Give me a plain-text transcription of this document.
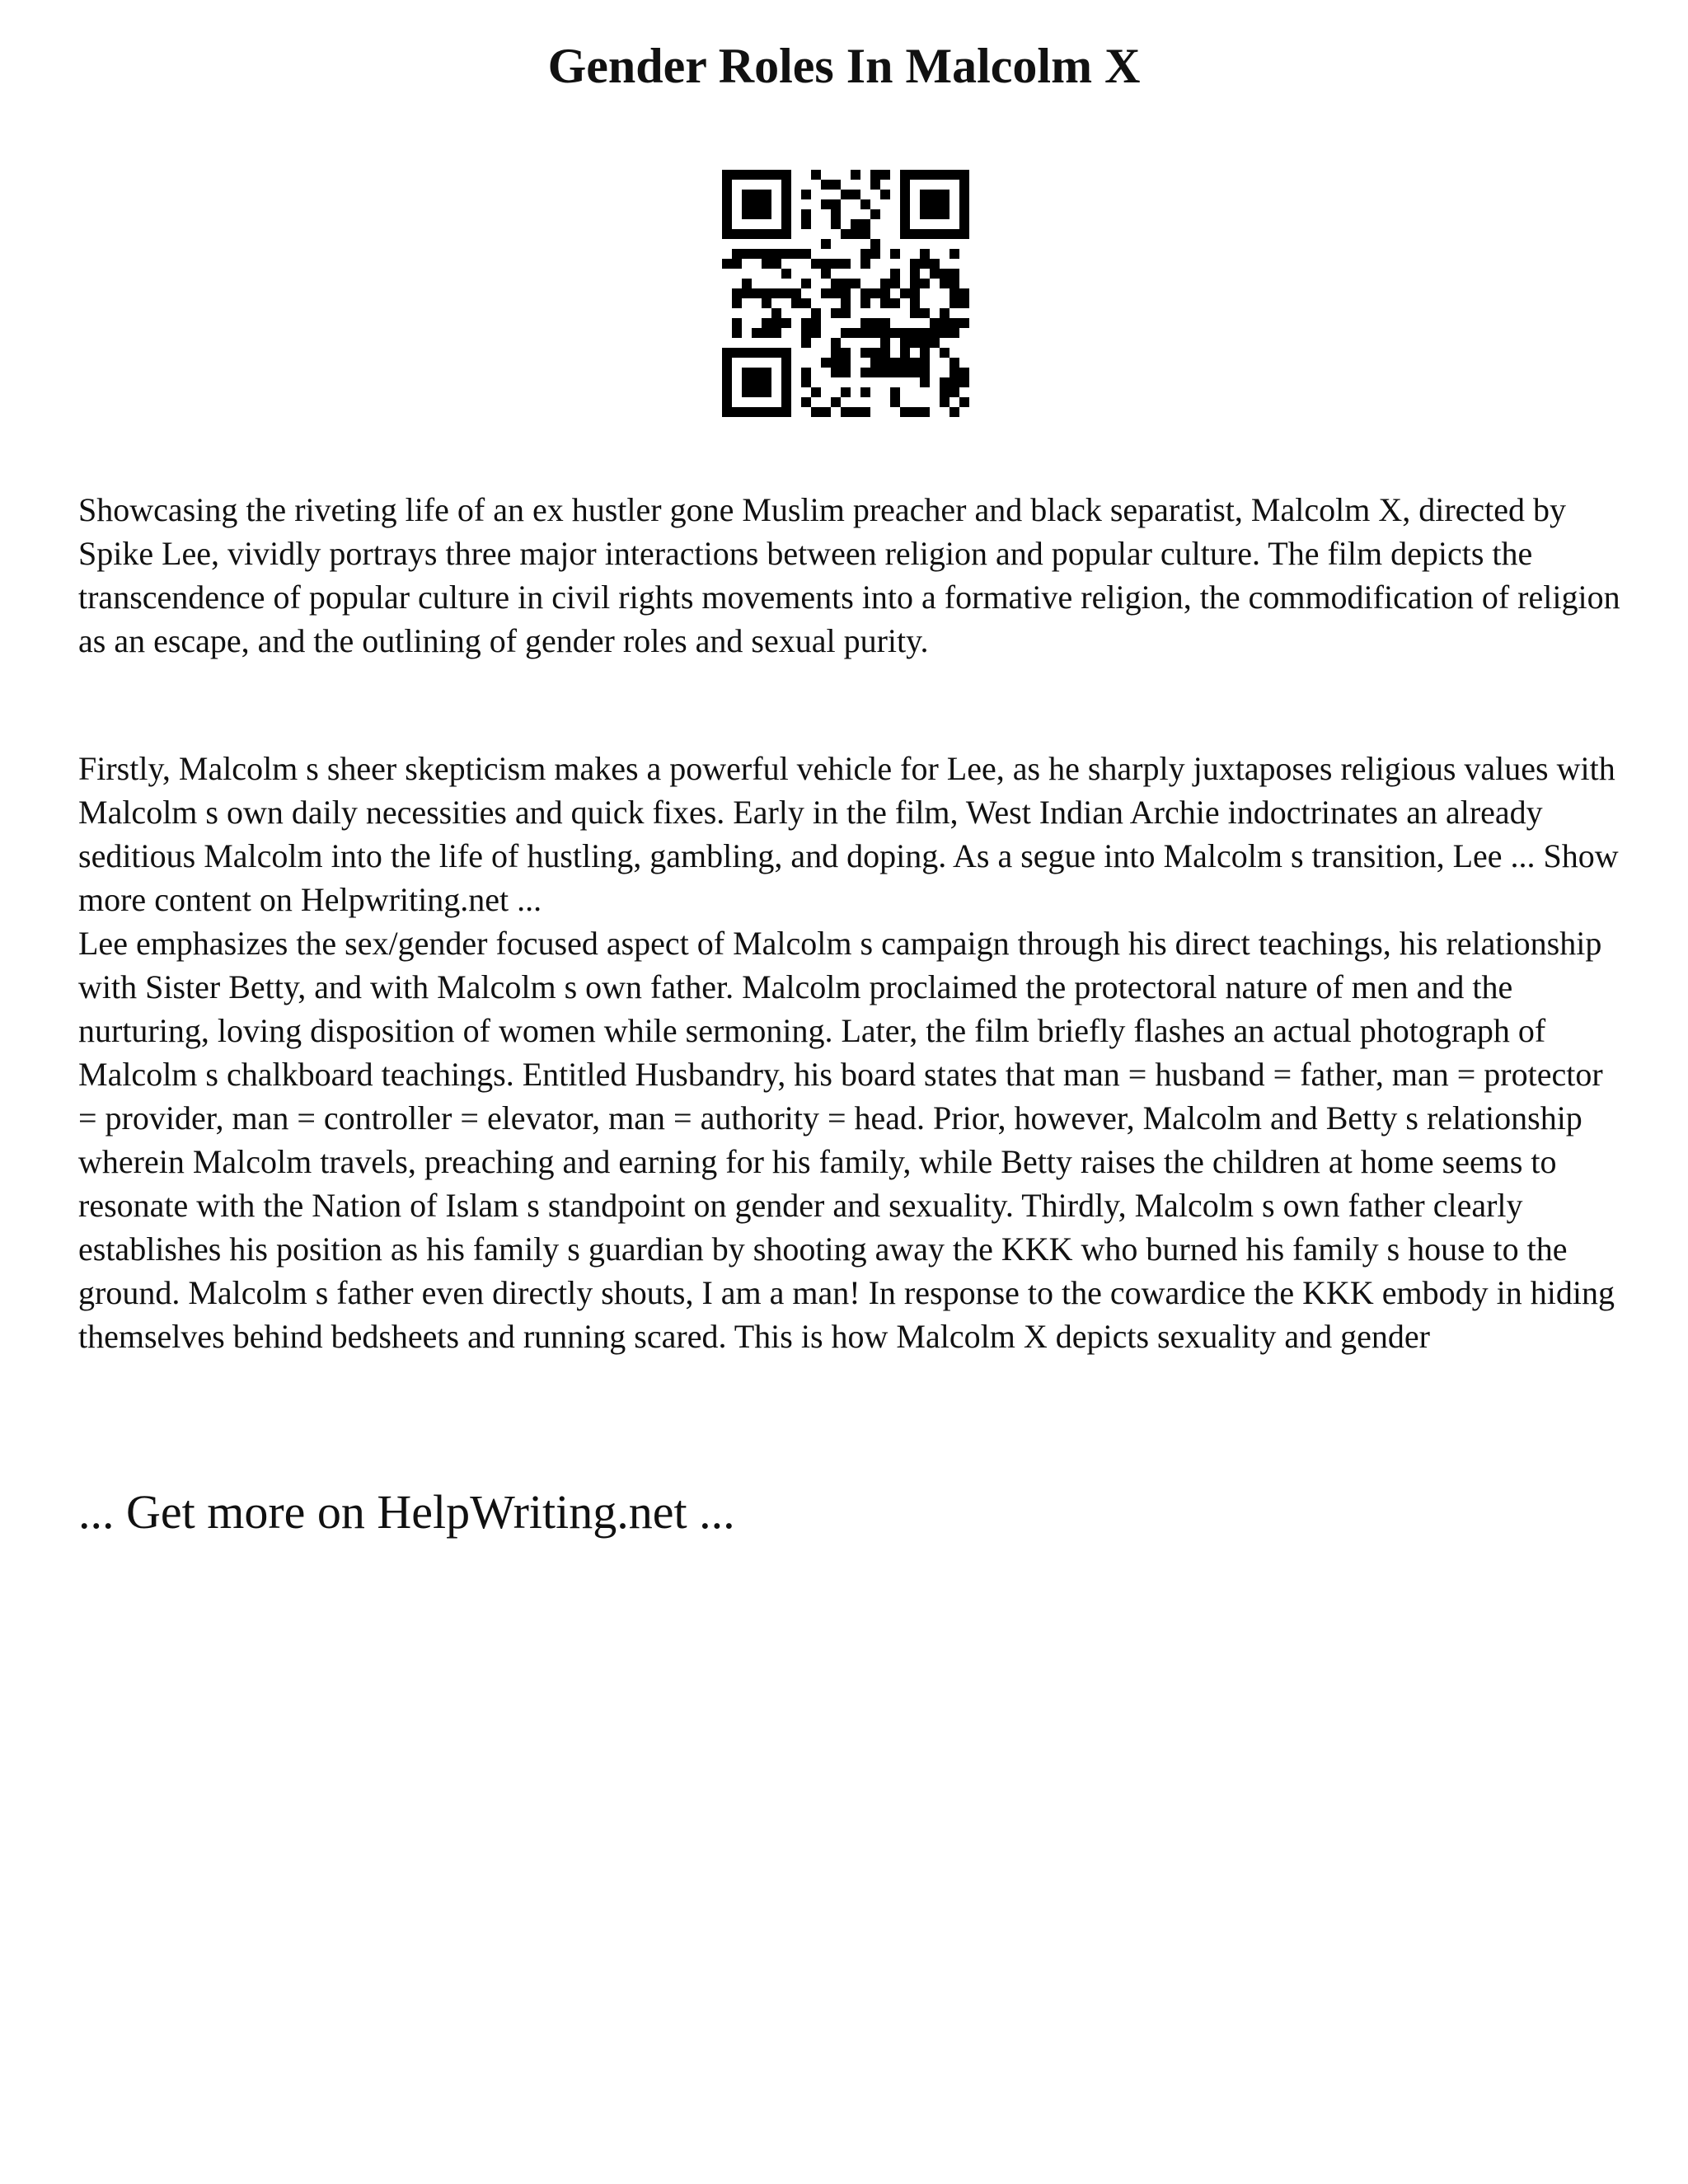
Gender Roles In Malcolm X

Showcasing the riveting life of an ex hustler gone Muslim preacher and black separatist, Malcolm X, directed by Spike Lee, vividly portrays three major interactions between religion and popular culture. The film depicts the transcendence of popular culture in civil rights movements into a formative religion, the commodification of religion as an escape, and the outlining of gender roles and sexual purity.

Firstly, Malcolm s sheer skepticism makes a powerful vehicle for Lee, as he sharply juxtaposes religious values with Malcolm s own daily necessities and quick fixes. Early in the film, West Indian Archie indoctrinates an already seditious Malcolm into the life of hustling, gambling, and doping. As a segue into Malcolm s transition, Lee ... Show more content on Helpwriting.net ...

Lee emphasizes the sex/gender focused aspect of Malcolm s campaign through his direct teachings, his relationship with Sister Betty, and with Malcolm s own father. Malcolm proclaimed the protectoral nature of men and the nurturing, loving disposition of women while sermoning. Later, the film briefly flashes an actual photograph of Malcolm s chalkboard teachings. Entitled Husbandry, his board states that man = husband = father, man = protector = provider, man = controller = elevator, man = authority = head. Prior, however, Malcolm and Betty s relationship wherein Malcolm travels, preaching and earning for his family, while Betty raises the children at home seems to resonate with the Nation of Islam s standpoint on gender and sexuality. Thirdly, Malcolm s own father clearly establishes his position as his family s guardian by shooting away the KKK who burned his family s house to the ground. Malcolm s father even directly shouts, I am a man! In response to the cowardice the KKK embody in hiding themselves behind bedsheets and running scared. This is how Malcolm X depicts sexuality and gender

... Get more on HelpWriting.net ...
